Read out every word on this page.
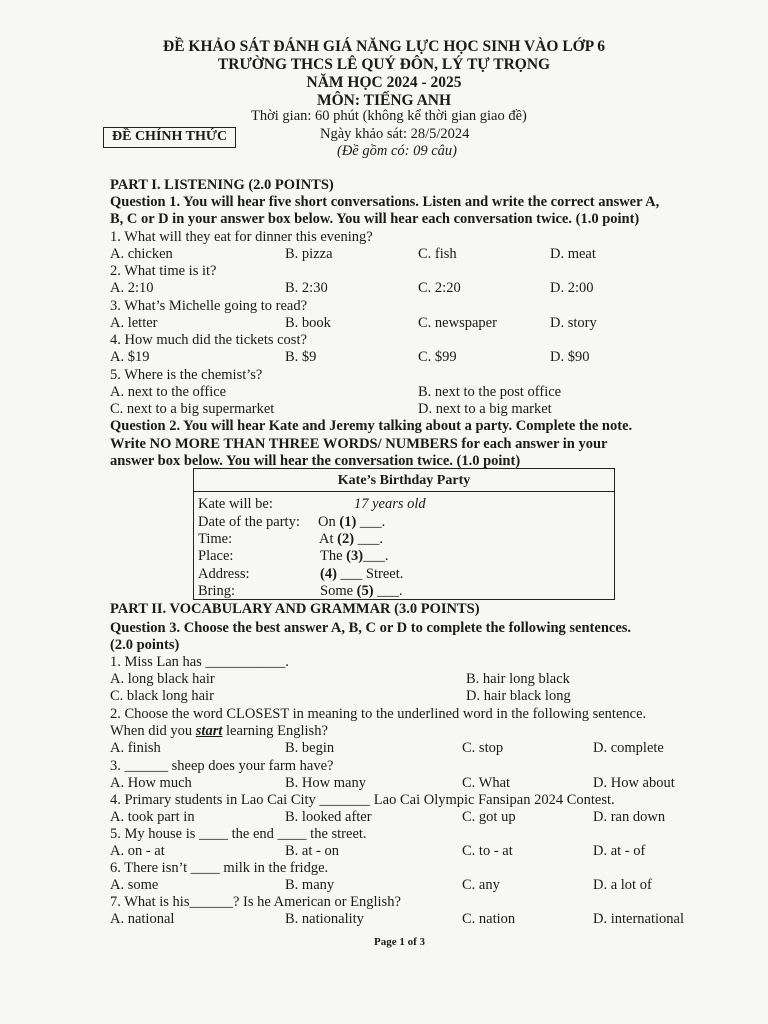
ĐỀ KHẢO SÁT ĐÁNH GIÁ NĂNG LỰC HỌC SINH VÀO LỚP 6
TRƯỜNG THCS LÊ QUÝ ĐÔN, LÝ TỰ TRỌNG
NĂM HỌC 2024 - 2025
MÔN: TIẾNG ANH
Thời gian: 60 phút (không kể thời gian giao đề)
Ngày khảo sát: 28/5/2024
(Đề gồm có: 09 câu)
ĐỀ CHÍNH THỨC
PART I. LISTENING (2.0 POINTS)
Question 1. You will hear five short conversations. Listen and write the correct answer A,
B, C or D in your answer box below. You will hear each conversation twice. (1.0 point)
1. What will they eat for dinner this evening?
A. chicken	B. pizza	C. fish	D. meat
2. What time is it?
A. 2:10	B. 2:30	C. 2:20	D. 2:00
3. What’s Michelle going to read?
A. letter	B. book	C. newspaper	D. story
4. How much did the tickets cost?
A. $19	B. $9	C. $99	D. $90
5. Where is the chemist’s?
A. next to the office	B. next to the post office
C. next to a big supermarket	D. next to a big market
Question 2. You will hear Kate and Jeremy talking about a party. Complete the note.
Write NO MORE THAN THREE WORDS/ NUMBERS for each answer in your
answer box below. You will hear the conversation twice. (1.0 point)
Kate’s Birthday Party
Kate will be:	17 years old
Date of the party: On (1) ___.
Time:	At (2) ___.
Place:	The (3)___.
Address:	(4) ___ Street.
Bring:	Some (5) ___.
PART II. VOCABULARY AND GRAMMAR (3.0 POINTS)
Question 3. Choose the best answer A, B, C or D to complete the following sentences.
(2.0 points)
1. Miss Lan has ___________.
A. long black hair	B. hair long black
C. black long hair	D. hair black long
2. Choose the word CLOSEST in meaning to the underlined word in the following sentence.
When did you start learning English?
A. finish	B. begin	C. stop	D. complete
3. ______ sheep does your farm have?
A. How much	B. How many	C. What	D. How about
4. Primary students in Lao Cai City _______ Lao Cai Olympic Fansipan 2024 Contest.
A. took part in	B. looked after	C. got up	D. ran down
5. My house is ____ the end ____ the street.
A. on - at	B. at - on	C. to - at	D. at - of
6. There isn’t ____ milk in the fridge.
A. some	B. many	C. any	D. a lot of
7. What is his______? Is he American or English?
A. national	B. nationality	C. nation	D. international
Page 1 of 3
